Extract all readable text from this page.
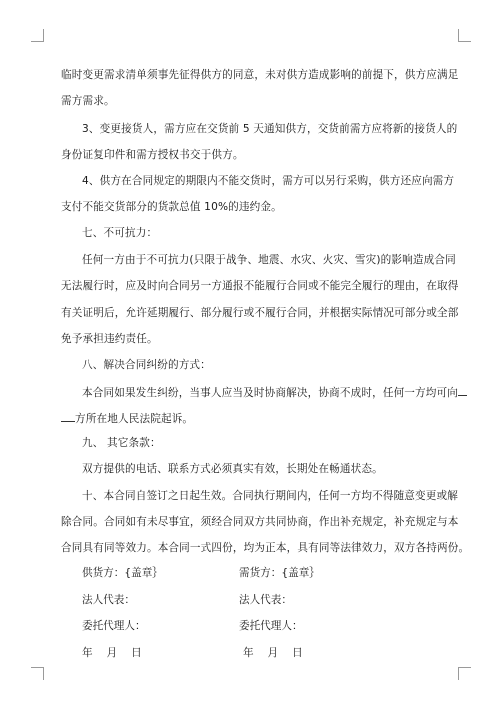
临时变更需求清单须事先征得供方的同意，未对供方造成影响的前提下，供方应满足
需方需求。
3、变更接货人，需方应在交货前 5 天通知供方，交货前需方应将新的接货人的
身份证复印件和需方授权书交于供方。
4、供方在合同规定的期限内不能交货时，需方可以另行采购，供方还应向需方
支付不能交货部分的货款总值 10%的违约金。
七、不可抗力：
任何一方由于不可抗力(只限于战争、地震、水灾、火灾、雪灾)的影响造成合同
无法履行时，应及时向合同另一方通报不能履行合同或不能完全履行的理由，在取得
有关证明后，允许延期履行、部分履行或不履行合同，并根据实际情况可部分或全部
免予承担违约责任。
八、解决合同纠纷的方式：
本合同如果发生纠纷，当事人应当及时协商解决，协商不成时，任何一方均可向
方所在地人民法院起诉。
九、 其它条款：
双方提供的电话、联系方式必须真实有效，长期处在畅通状态。
十、本合同自签订之日起生效。合同执行期间内，任何一方均不得随意变更或解
除合同。合同如有未尽事宜，须经合同双方共同协商，作出补充规定，补充规定与本
合同具有同等效力。本合同一式四份，均为正本，具有同等法律效力，双方各持两份。
供货方：{盖章｝	需货方：{盖章｝
法人代表：	法人代表：
委托代理人：	委托代理人：
年　 月　 日	年　 月　 日
